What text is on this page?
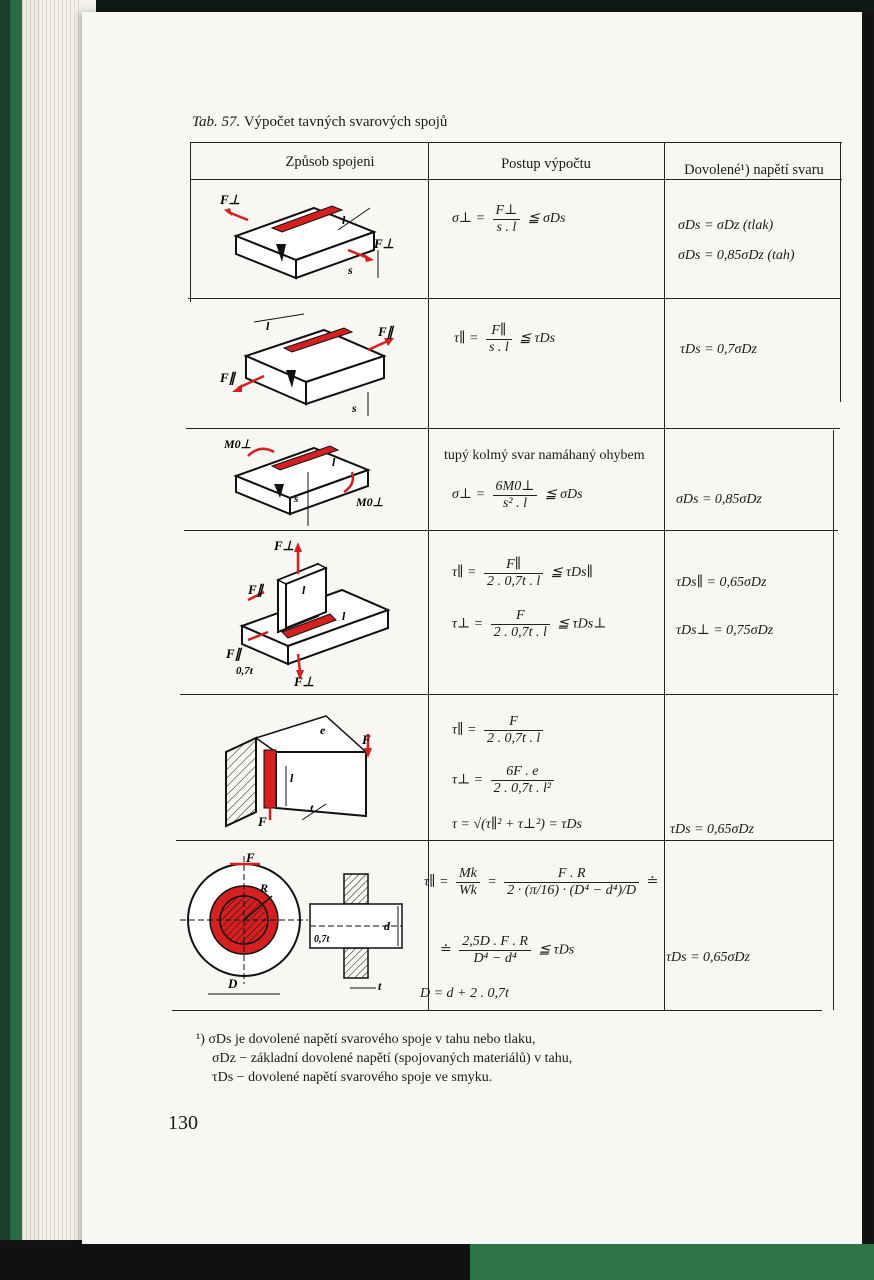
Tab. 57. Výpočet tavných svarových spojů
Způsob spojeni	Postup výpočtu	Dovolené¹) napětí svaru
F⊥
F⊥
l
s
σ⊥ = $\frac{F\perp}{s . l}$ ≦ σDs	σDs = σDz (tlak)
σDs = 0,85σDz (tah)
l	F∥
F∥
s
τ∥ = $\frac{F\parallel}{s . l}$ ≦ τDs
τDs = 0,7σDz
M0⊥
M0⊥
l
s
tupý kolmý svar namáhaný ohybem
σ⊥ = $\frac{6M0\perp}{\text{s² . l}}$ ≦ σDs	σDs = 0,85σDz
F⊥
F∥
F∥
l
l
0,7t
F⊥
τ∥ = $\frac{F\parallel}{2 . 0,7t . l}$ ≦ τDs∥
τ⊥ = $\frac{F}{2 . 0,7t . l}$ ≦ τDs⊥
τDs∥ = 0,65σDz
τDs⊥ = 0,75σDz
e
F
l
t
F
τ∥ = $\frac{F}{2 . 0,7t . l}$
τ⊥ = $\frac{6F . e}{\text{2 . 0,7t . l²}}$
τ = √(τ∥² + τ⊥²) = τDs	τDs = 0,65σDz
F
R
D
d
0,7t
t
τ∥ = $\frac{Mk}{Wk} = \frac{F . R}{\text{2 · (π/16) · (D⁴ − d⁴)/D}}$ ≐
≐ $\frac{2,5D . F . R}{\text{D⁴ − d⁴}}$ ≦ τDs
D = d + 2 . 0,7t
τDs = 0,65σDz
¹) σDs je dovolené napětí svarového spoje v tahu nebo tlaku,
σDz − základní dovolené napětí (spojovaných materiálů) v tahu,
τDs − dovolené napětí svarového spoje ve smyku.
130
